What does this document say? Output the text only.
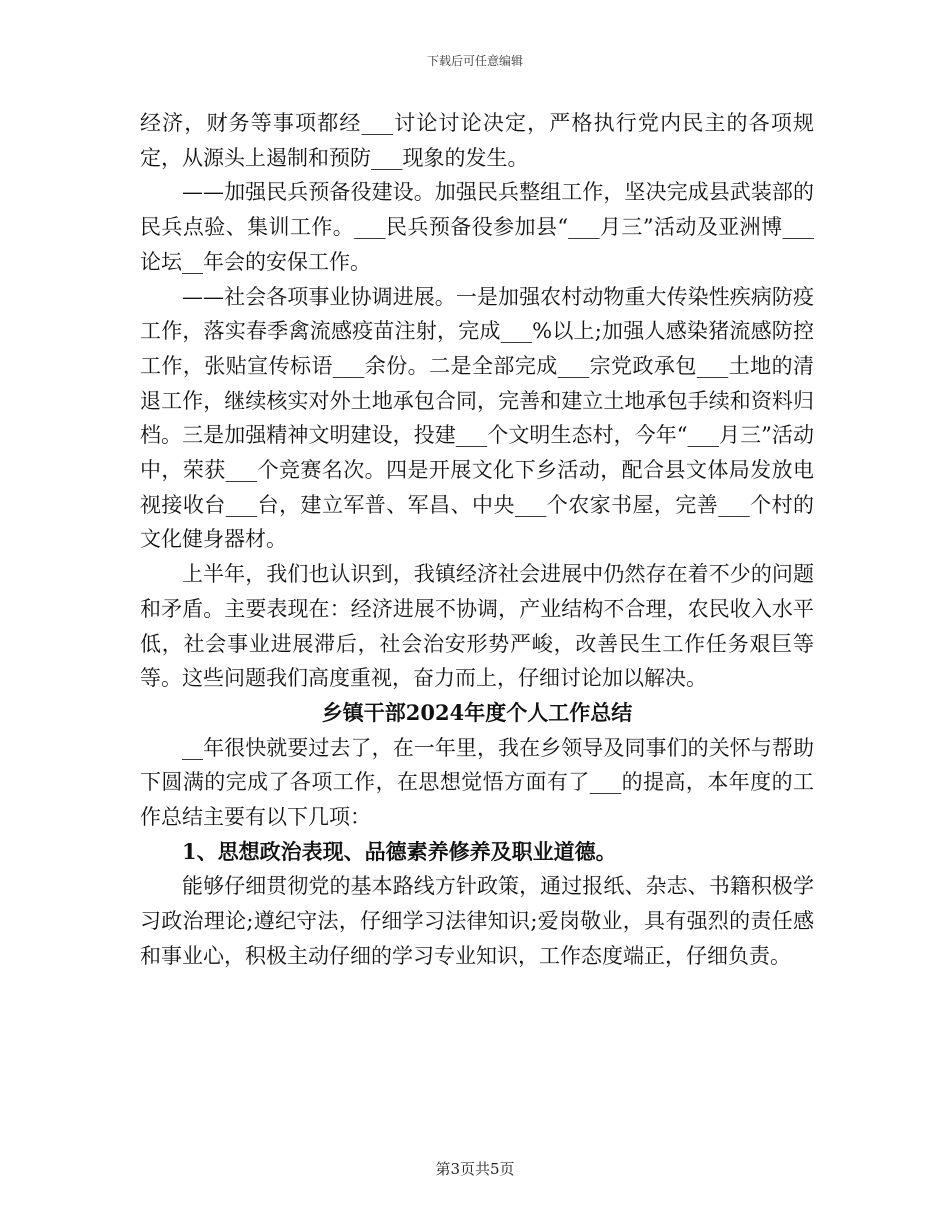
下载后可任意编辑

经济，财务等事项都经___讨论讨论决定，严格执行党内民主的各项规定，从源头上遏制和预防___现象的发生。

——加强民兵预备役建设。加强民兵整组工作，坚决完成县武装部的民兵点验、集训工作。___民兵预备役参加县“___月三”活动及亚洲博___论坛__年会的安保工作。

——社会各项事业协调进展。一是加强农村动物重大传染性疾病防疫工作，落实春季禽流感疫苗注射，完成___%以上;加强人感染猪流感防控工作，张贴宣传标语___余份。二是全部完成___宗党政承包___土地的清退工作，继续核实对外土地承包合同，完善和建立土地承包手续和资料归档。三是加强精神文明建设，投建___个文明生态村，今年“___月三”活动中，荣获___个竞赛名次。四是开展文化下乡活动，配合县文体局发放电视接收台___台，建立军普、军昌、中央___个农家书屋，完善___个村的文化健身器材。

上半年，我们也认识到，我镇经济社会进展中仍然存在着不少的问题和矛盾。主要表现在：经济进展不协调，产业结构不合理，农民收入水平低，社会事业进展滞后，社会治安形势严峻，改善民生工作任务艰巨等等。这些问题我们高度重视，奋力而上，仔细讨论加以解决。

乡镇干部2024年度个人工作总结

__年很快就要过去了，在一年里，我在乡领导及同事们的关怀与帮助下圆满的完成了各项工作，在思想觉悟方面有了___的提高，本年度的工作总结主要有以下几项：

1、思想政治表现、品德素养修养及职业道德。

能够仔细贯彻党的基本路线方针政策，通过报纸、杂志、书籍积极学习政治理论;遵纪守法，仔细学习法律知识;爱岗敬业，具有强烈的责任感和事业心，积极主动仔细的学习专业知识，工作态度端正，仔细负责。

第3页共5页
